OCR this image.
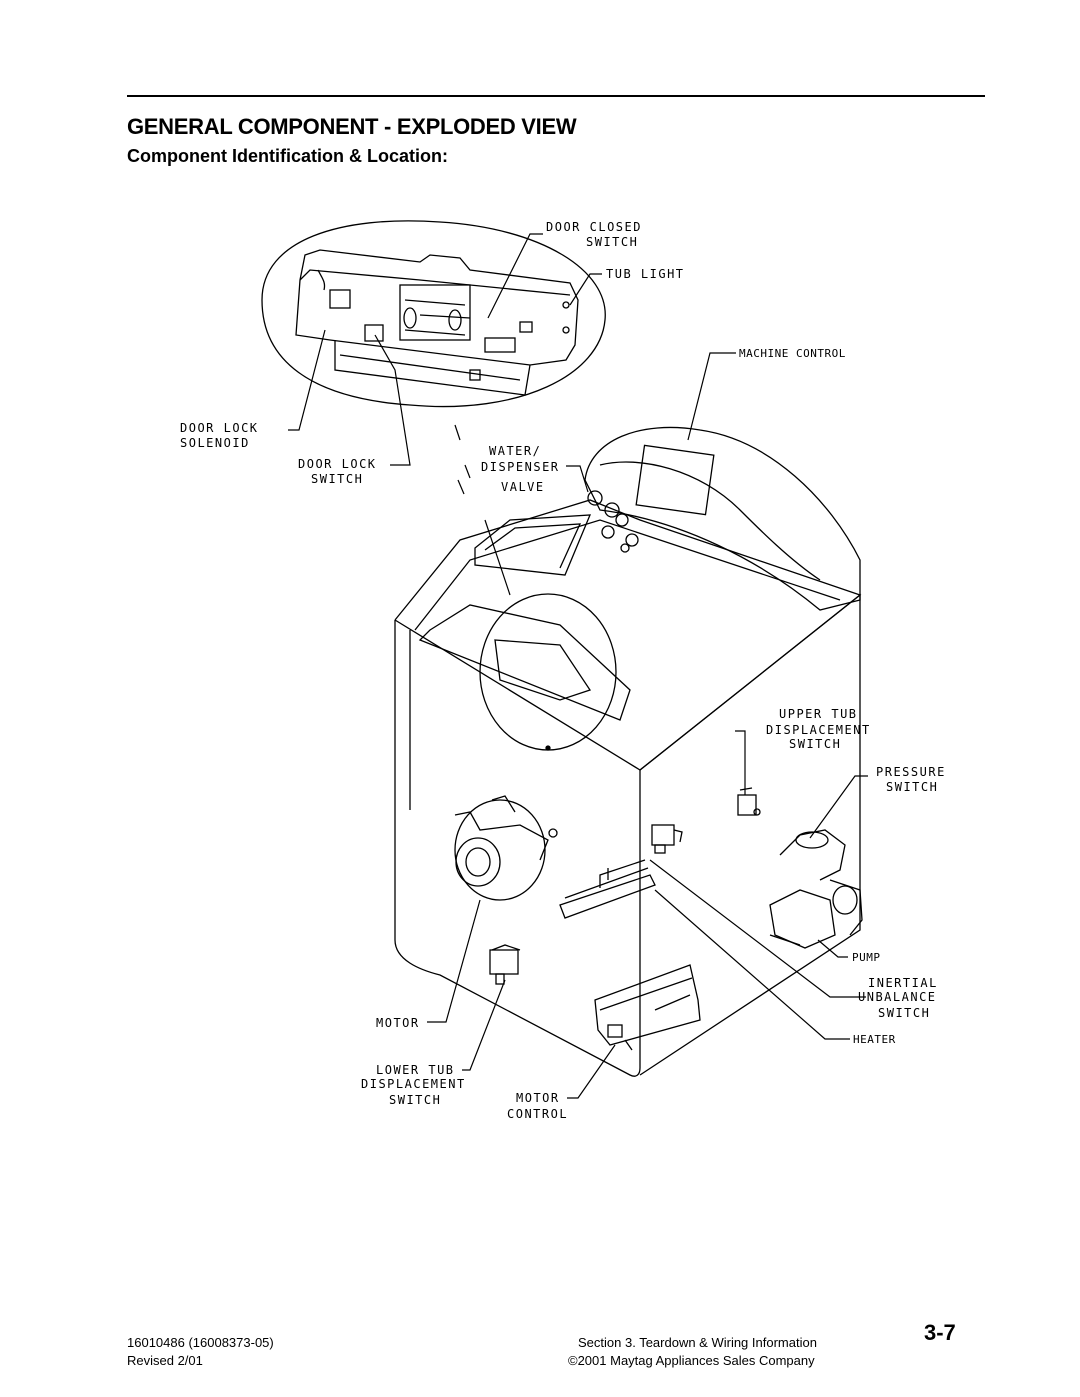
GENERAL COMPONENT - EXPLODED VIEW
Component Identification & Location:
DOOR CLOSED
SWITCH
TUB LIGHT
MACHINE CONTROL
DOOR LOCK
SOLENOID
DOOR LOCK
SWITCH
WATER/
DISPENSER
VALVE
UPPER TUB
DISPLACEMENT
SWITCH
PRESSURE
SWITCH
PUMP
INERTIAL
UNBALANCE
SWITCH
HEATER
MOTOR
LOWER TUB
DISPLACEMENT
SWITCH	MOTOR
CONTROL
16010486 (16008373-05)
Revised 2/01
Section 3. Teardown & Wiring Information
©2001 Maytag Appliances Sales Company
3-7
